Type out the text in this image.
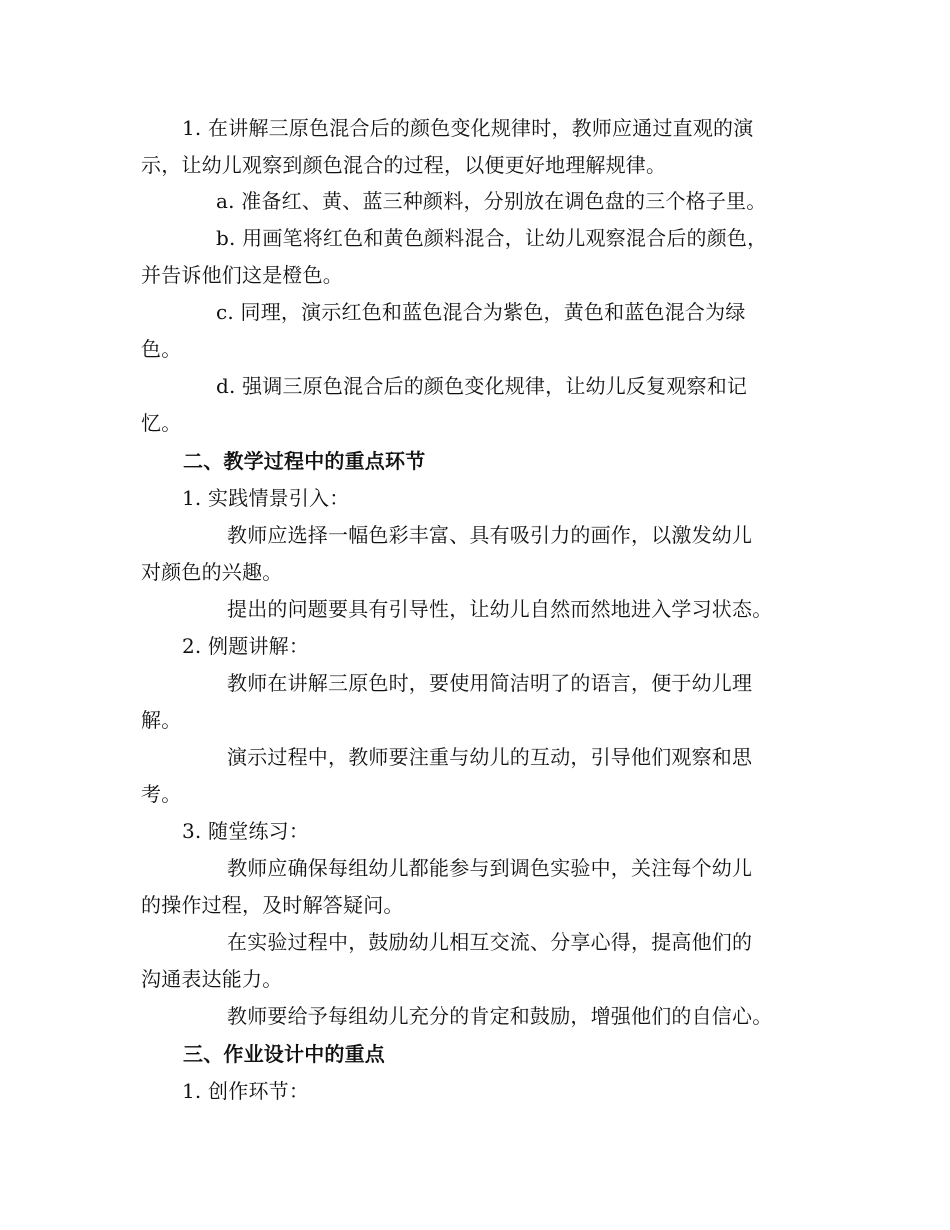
1. 在讲解三原色混合后的颜色变化规律时，教师应通过直观的演
示，让幼儿观察到颜色混合的过程，以便更好地理解规律。
a. 准备红、黄、蓝三种颜料，分别放在调色盘的三个格子里。
b. 用画笔将红色和黄色颜料混合，让幼儿观察混合后的颜色，
并告诉他们这是橙色。
c. 同理，演示红色和蓝色混合为紫色，黄色和蓝色混合为绿
色。
d. 强调三原色混合后的颜色变化规律，让幼儿反复观察和记
忆。
二、教学过程中的重点环节
1. 实践情景引入：
教师应选择一幅色彩丰富、具有吸引力的画作，以激发幼儿
对颜色的兴趣。
提出的问题要具有引导性，让幼儿自然而然地进入学习状态。
2. 例题讲解：
教师在讲解三原色时，要使用简洁明了的语言，便于幼儿理
解。
演示过程中，教师要注重与幼儿的互动，引导他们观察和思
考。
3. 随堂练习：
教师应确保每组幼儿都能参与到调色实验中，关注每个幼儿
的操作过程，及时解答疑问。
在实验过程中，鼓励幼儿相互交流、分享心得，提高他们的
沟通表达能力。
教师要给予每组幼儿充分的肯定和鼓励，增强他们的自信心。
三、作业设计中的重点
1. 创作环节：
